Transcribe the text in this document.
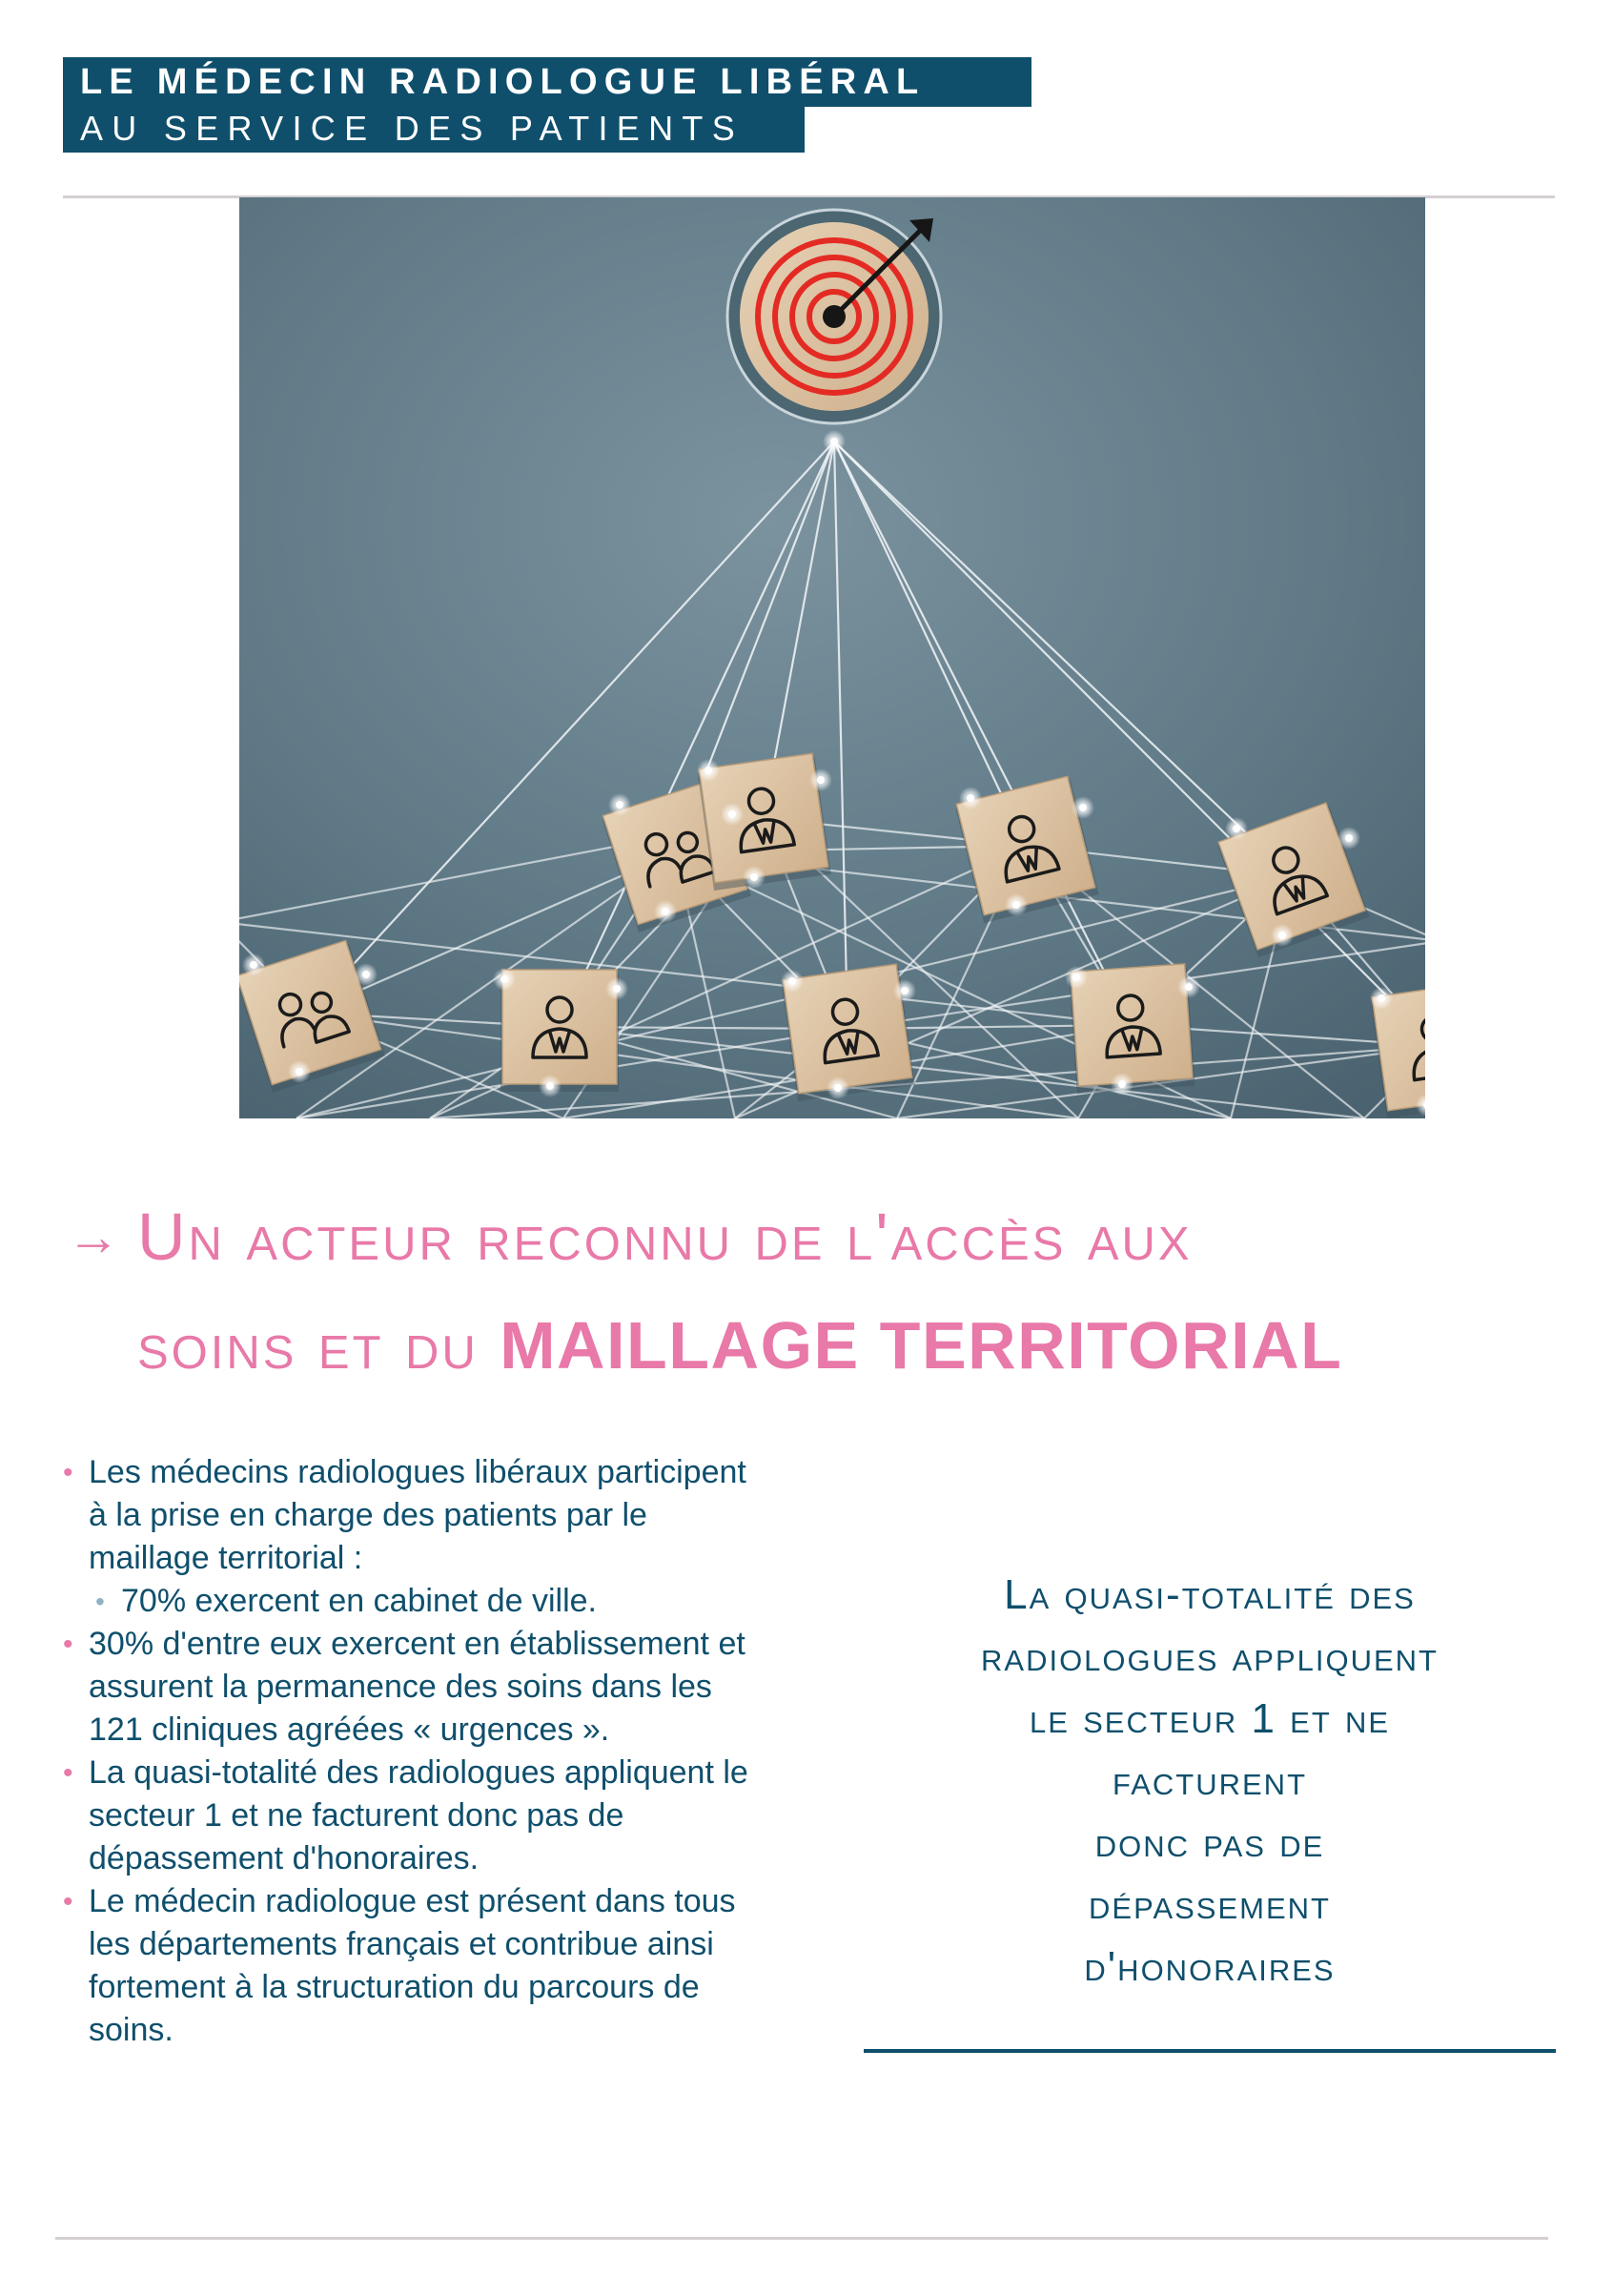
LE MÉDECIN RADIOLOGUE LIBÉRAL
AU SERVICE DES PATIENTS
→ Un acteur reconnu de l'accès aux
soins et du MAILLAGE TERRITORIAL
• Les médecins radiologues libéraux participent à la prise en charge des patients par le maillage territorial :
• 70% exercent en cabinet de ville.
• 30% d'entre eux exercent en établissement et assurent la permanence des soins dans les 121 cliniques agréées « urgences ».
• La quasi-totalité des radiologues appliquent le secteur 1 et ne facturent donc pas de dépassement d'honoraires.
• Le médecin radiologue est présent dans tous les départements français et contribue ainsi fortement à la structuration du parcours de soins.
La quasi-totalité des
radiologues appliquent
le secteur 1 et ne
facturent
donc pas de
dépassement
d'honoraires
